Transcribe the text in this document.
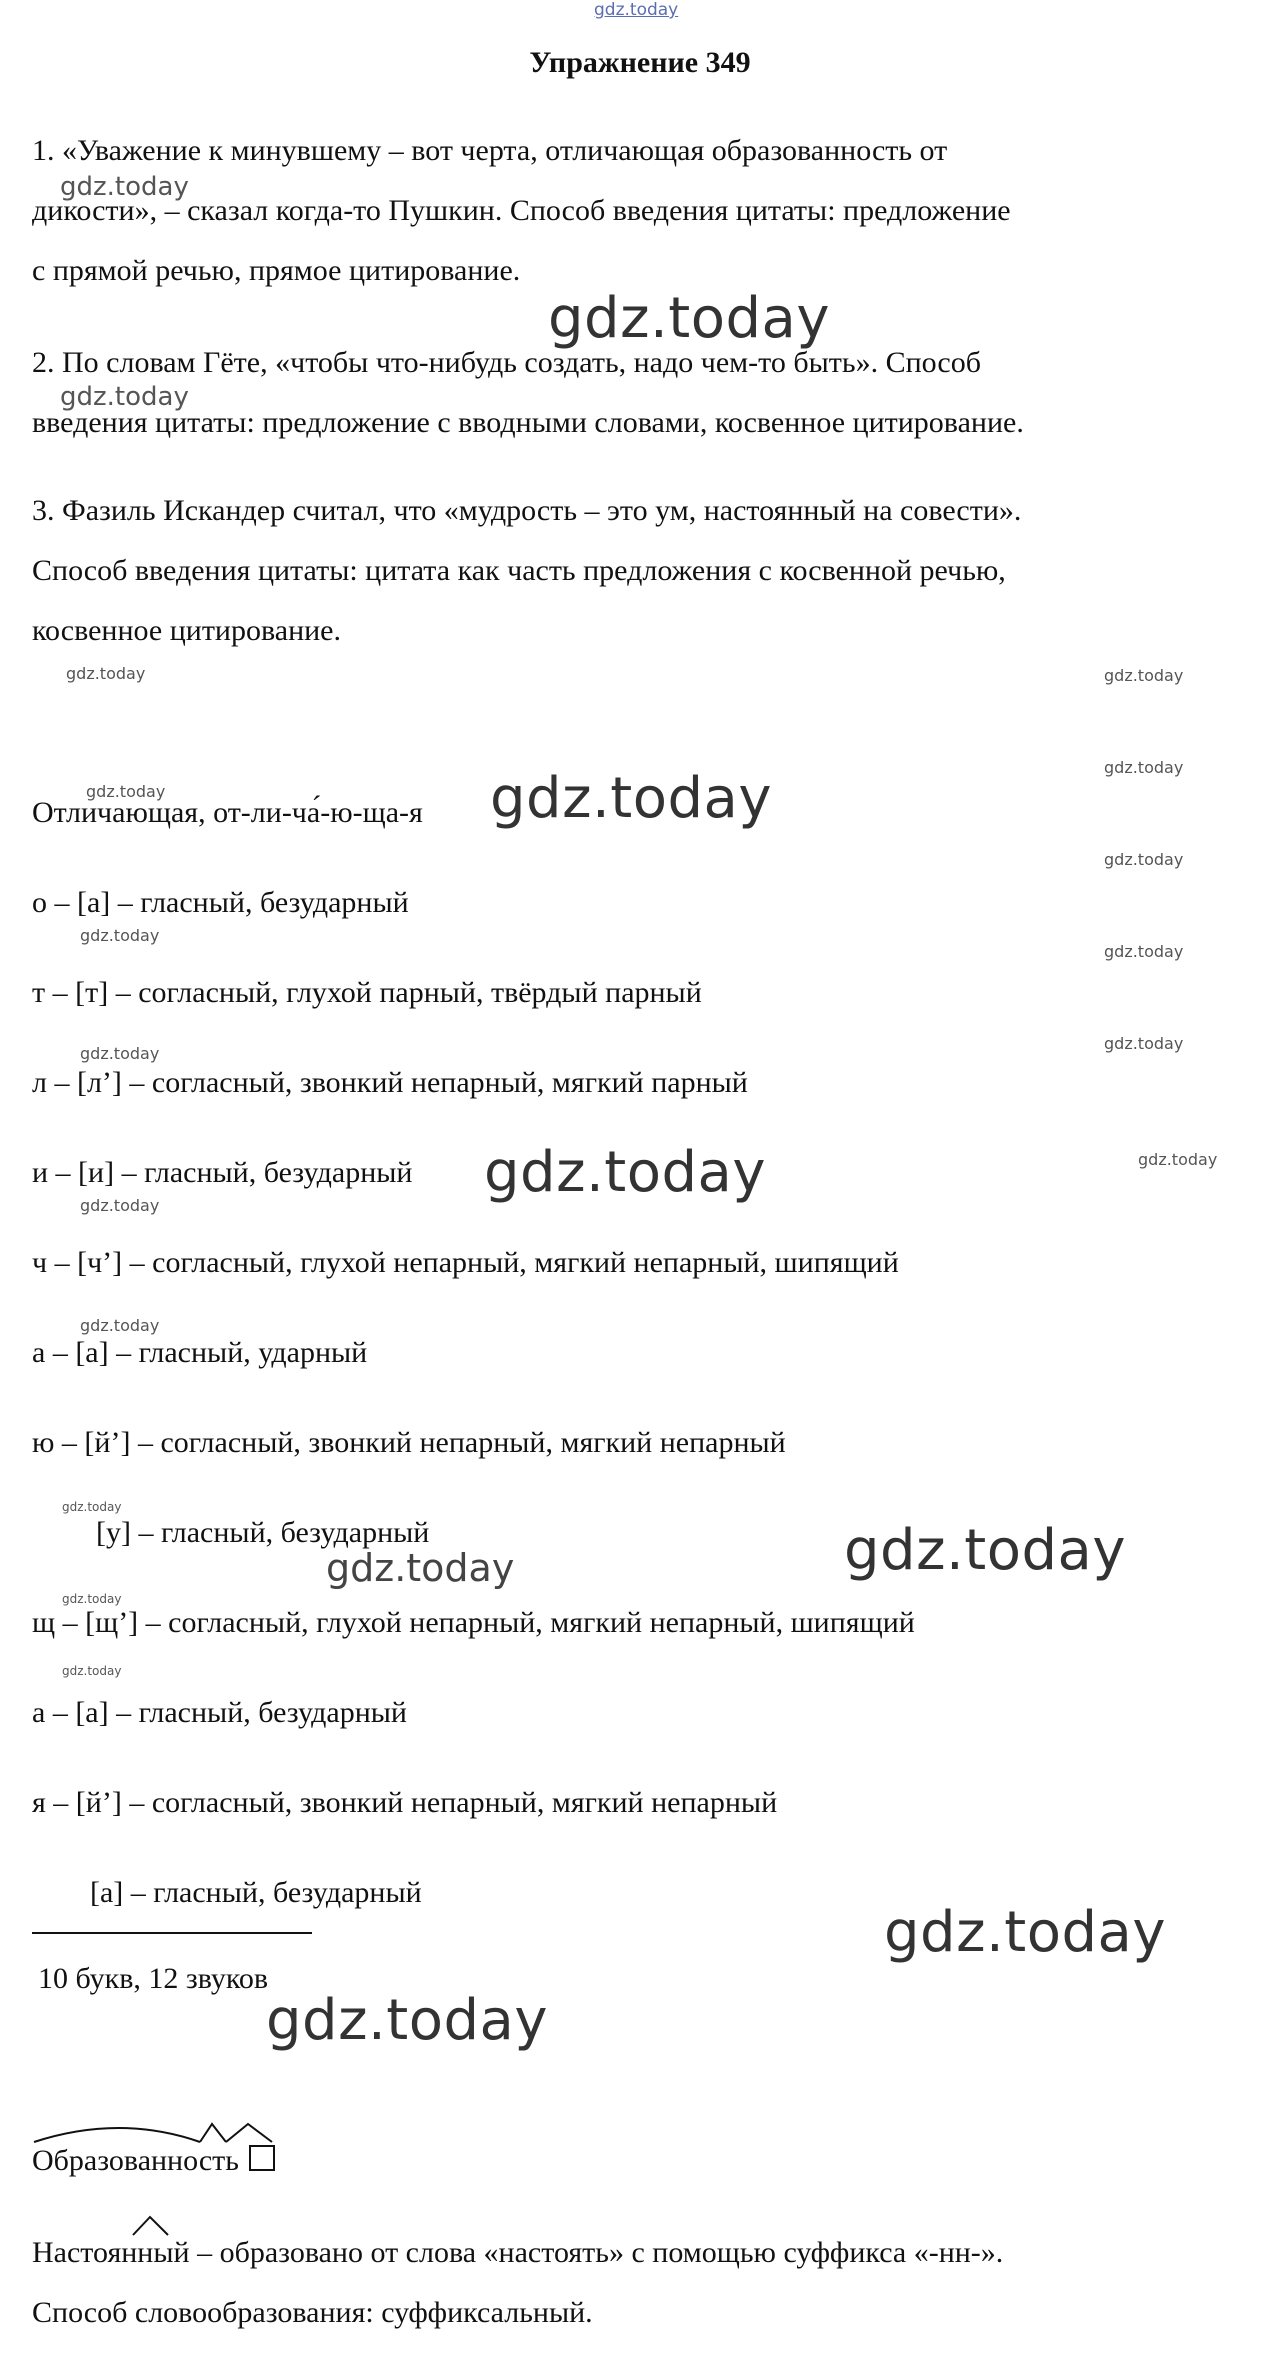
gdz.today
gdz.today
gdz.today
gdz.today
gdz.today	gdz.today
gdz.today
gdz.today	gdz.today
gdz.today
gdz.today
gdz.today
gdz.today
gdz.today
gdz.today
gdz.today
gdz.today
gdz.today
gdz.today
gdz.today
gdz.today
gdz.today
gdz.today
gdz.today
gdz.today
Упражнение 349
1. «Уважение к минувшему – вот черта, отличающая образованность от
дикости», – сказал когда-то Пушкин. Способ введения цитаты: предложение
с прямой речью, прямое цитирование.
2. По словам Гёте, «чтобы что-нибудь создать, надо чем-то быть». Способ
введения цитаты: предложение с вводными словами, косвенное цитирование.
3. Фазиль Искандер считал, что «мудрость – это ум, настоянный на совести».
Способ введения цитаты: цитата как часть предложения с косвенной речью,
косвенное цитирование.
Отличающая, от-ли-ча́-ю-ща-я
о – [а] – гласный, безударный
т – [т] – согласный, глухой парный, твёрдый парный
л – [л’] – согласный, звонкий непарный, мягкий парный
и – [и] – гласный, безударный
ч – [ч’] – согласный, глухой непарный, мягкий непарный, шипящий
а – [а] – гласный, ударный
ю – [й’] – согласный, звонкий непарный, мягкий непарный
[у] – гласный, безударный
щ – [щ’] – согласный, глухой непарный, мягкий непарный, шипящий
а – [а] – гласный, безударный
я – [й’] – согласный, звонкий непарный, мягкий непарный
[а] – гласный, безударный
10 букв, 12 звуков
Образованность
Настоянный – образовано от слова «настоять» с помощью суффикса «-нн-».
Способ словообразования: суффиксальный.
